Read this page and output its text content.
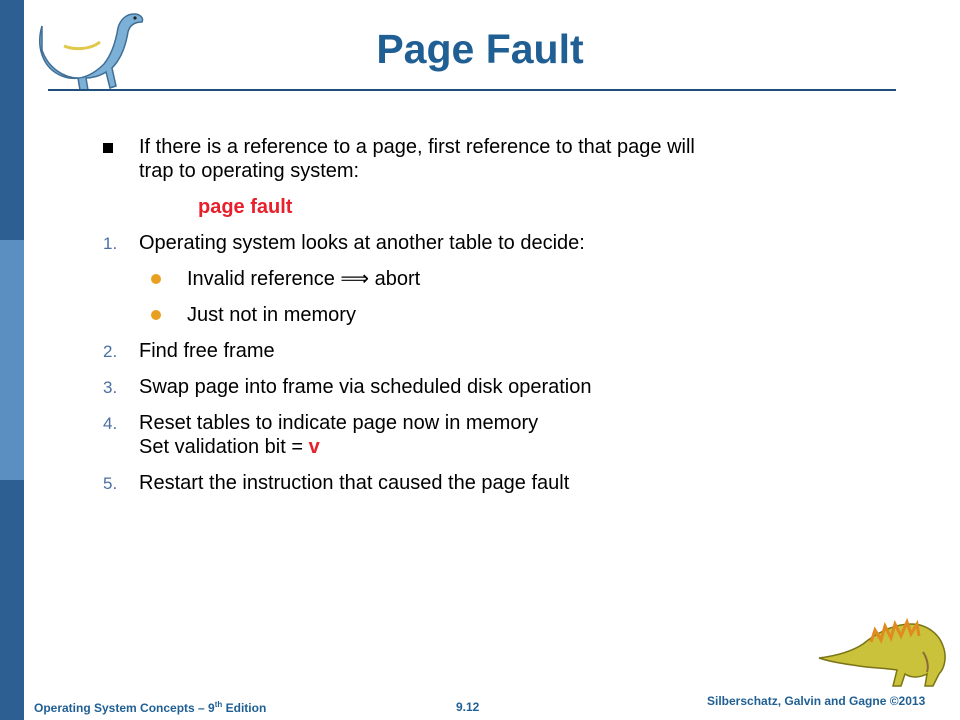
Page Fault
If there is a reference to a page, first reference to that page will
trap to operating system:
page fault
1. Operating system looks at another table to decide:
Invalid reference ⟹ abort
Just not in memory
2. Find free frame
3. Swap page into frame via scheduled disk operation
4. Reset tables to indicate page now in memory
Set validation bit = v
5. Restart the instruction that caused the page fault
Operating System Concepts – 9th Edition	9.12	Silberschatz, Galvin and Gagne ©2013
